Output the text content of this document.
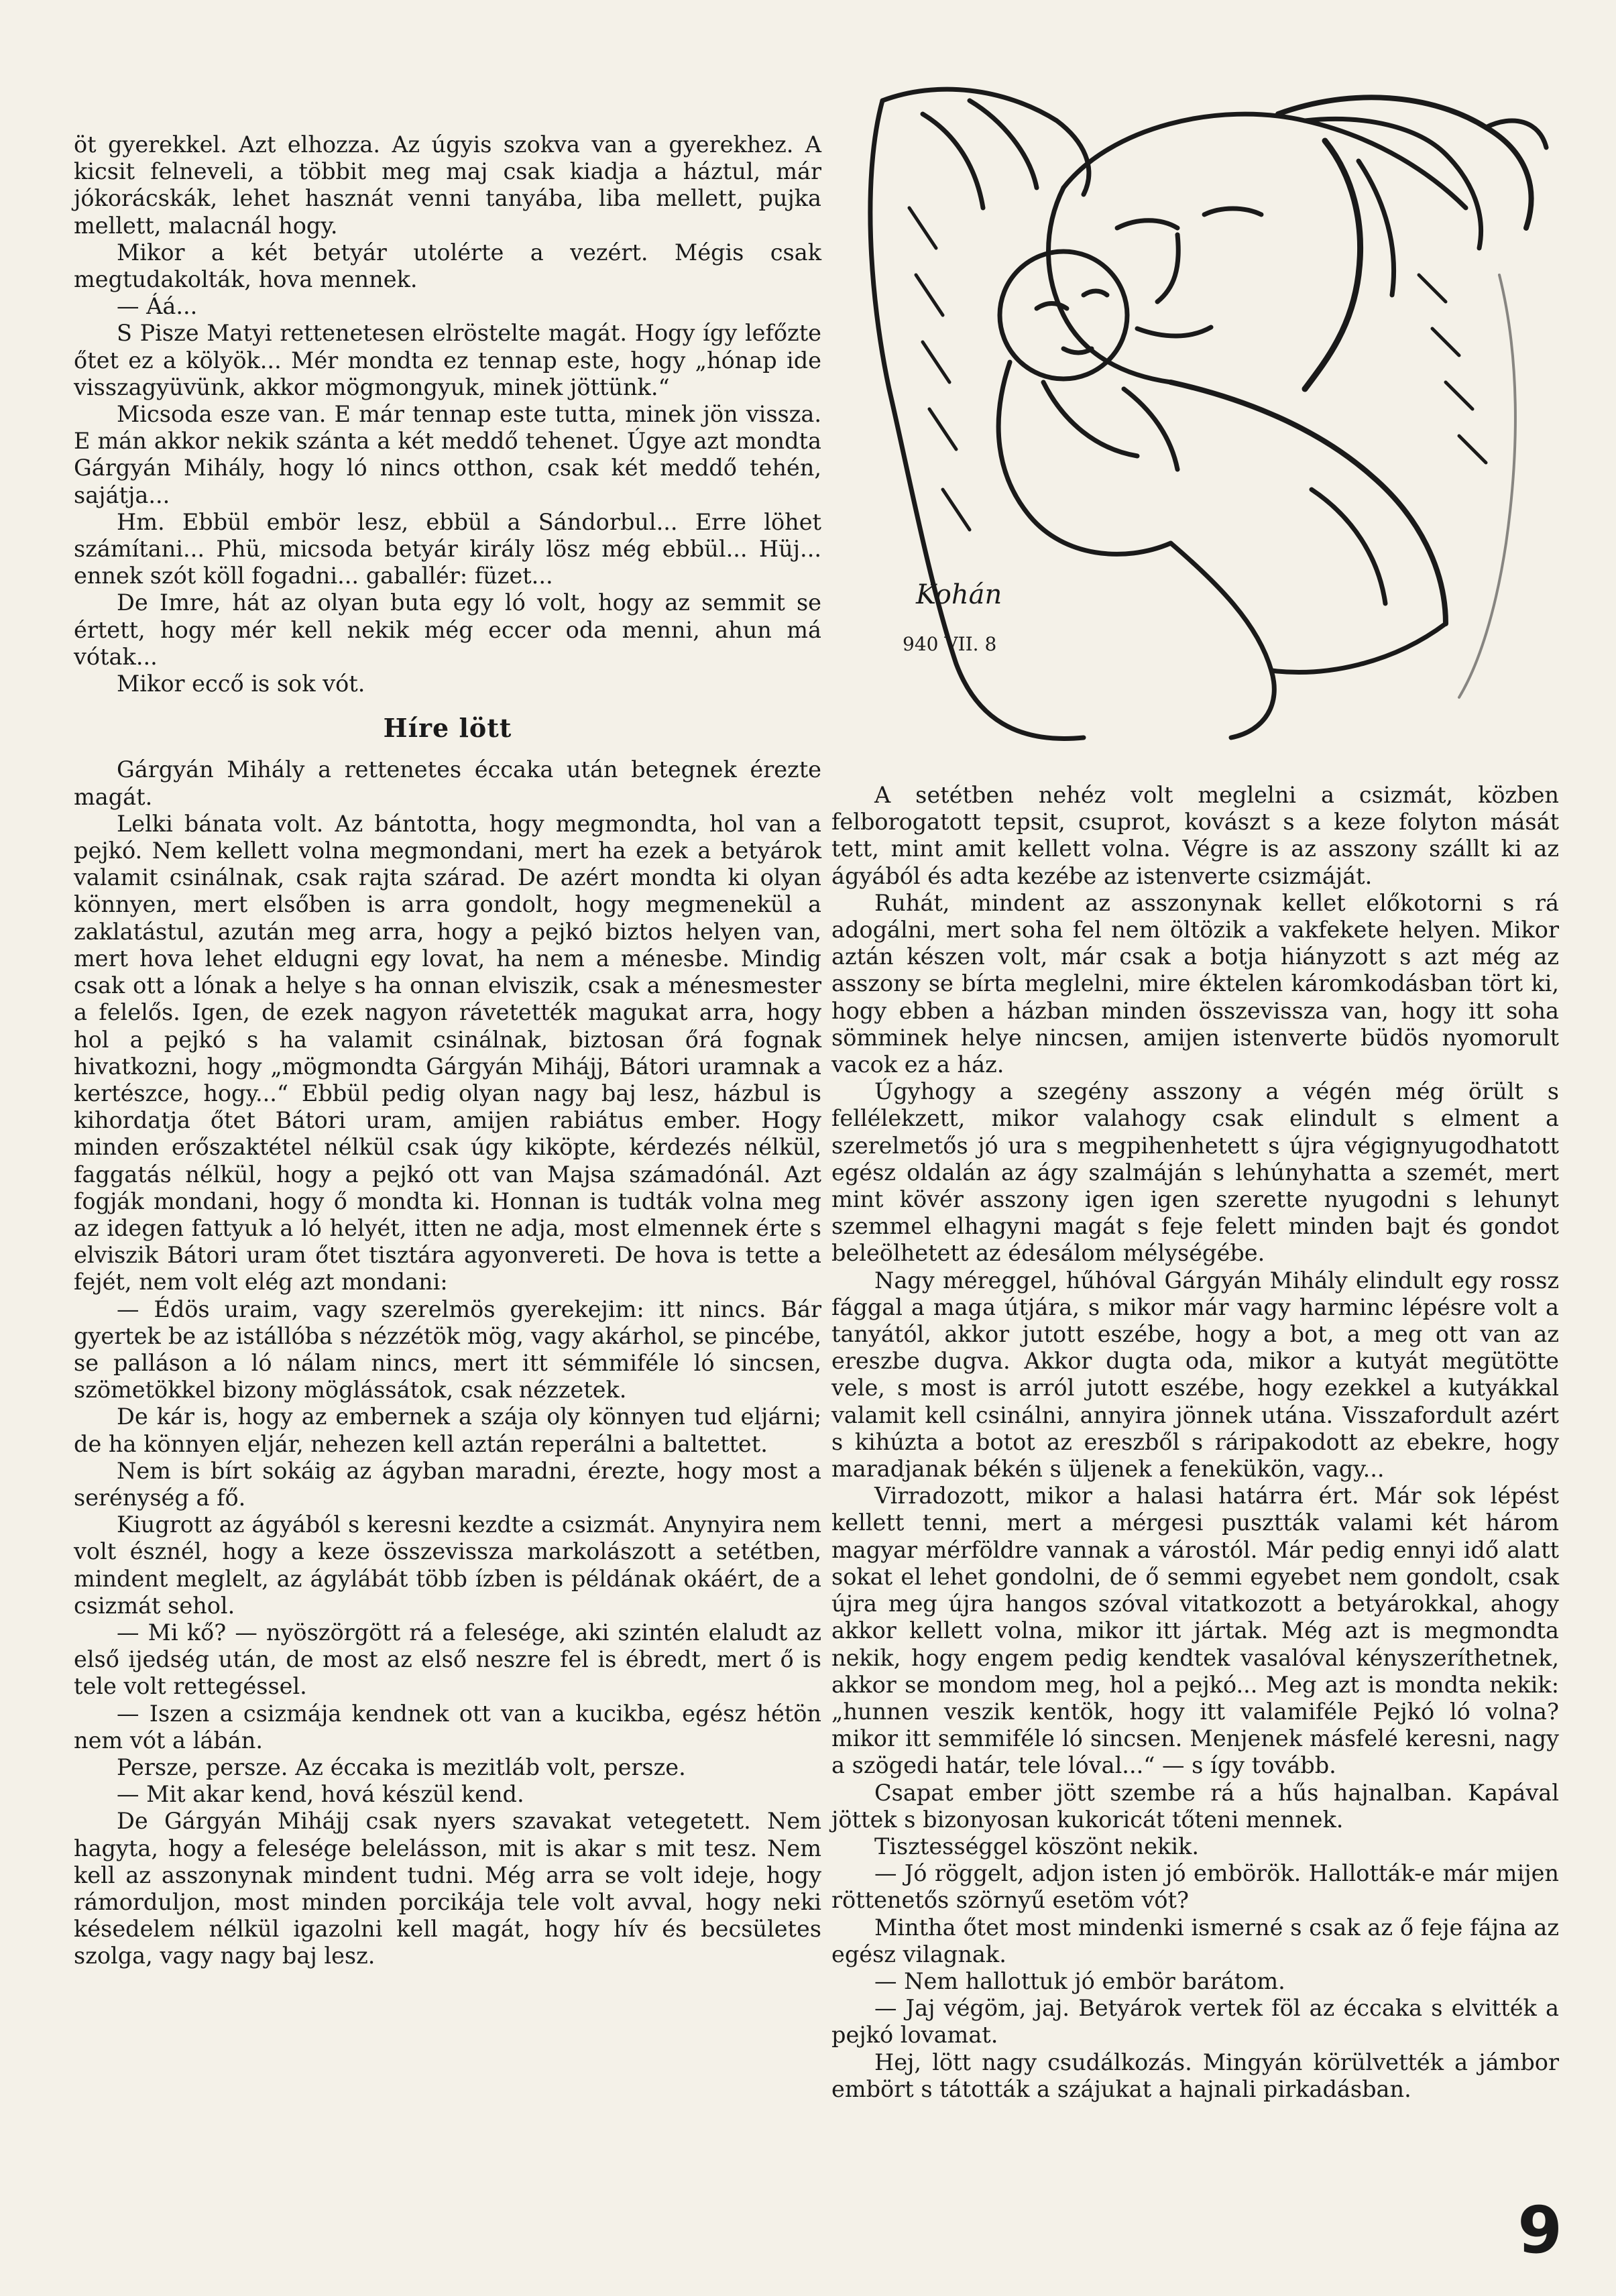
öt gyerekkel. Azt elhozza. Az úgyis szokva van a gyerekhez. A kicsit felneveli, a többit meg maj csak kiadja a háztul, már jókorácskák, lehet hasznát venni tanyába, liba mellett, pujka mellett, malacnál hogy.

Mikor a két betyár utolérte a vezért. Mégis csak megtudakolták, hova mennek.

— Áá...

S Pisze Matyi rettenetesen elröstelte magát. Hogy így lefőzte őtet ez a kölyök... Mér mondta ez tennap este, hogy „hónap ide visszagyüvünk, akkor mögmongyuk, minek jöttünk.“

Micsoda esze van. E már tennap este tutta, minek jön vissza. E mán akkor nekik szánta a két meddő tehenet. Úgye azt mondta Gárgyán Mihály, hogy ló nincs otthon, csak két meddő tehén, sajátja...

Hm. Ebbül embör lesz, ebbül a Sándorbul... Erre löhet számítani... Phü, micsoda betyár király lösz még ebbül... Hüj... ennek szót köll fogadni... gaballér: füzet...

De Imre, hát az olyan buta egy ló volt, hogy az semmit se értett, hogy mér kell nekik még eccer oda menni, ahun má vótak...

Mikor eccő is sok vót.

Híre lött

Gárgyán Mihály a rettenetes éccaka után betegnek érezte magát.

Lelki bánata volt. Az bántotta, hogy megmondta, hol van a pejkó. Nem kellett volna megmondani, mert ha ezek a betyárok valamit csinálnak, csak rajta szárad. De azért mondta ki olyan könnyen, mert elsőben is arra gondolt, hogy megmenekül a zaklatástul, azután meg arra, hogy a pejkó biztos helyen van, mert hova lehet eldugni egy lovat, ha nem a ménesbe. Mindig csak ott a lónak a helye s ha onnan elviszik, csak a ménesmester a felelős. Igen, de ezek nagyon rávetették magukat arra, hogy hol a pejkó s ha valamit csinálnak, biztosan őrá fognak hivatkozni, hogy „mögmondta Gárgyán Mihájj, Bátori uramnak a kertészce, hogy...“ Ebbül pedig olyan nagy baj lesz, házbul is kihordatja őtet Bátori uram, amijen rabiátus ember. Hogy minden erőszaktétel nélkül csak úgy kiköpte, kérdezés nélkül, faggatás nélkül, hogy a pejkó ott van Majsa számadónál. Azt fogják mondani, hogy ő mondta ki. Honnan is tudták volna meg az idegen fattyuk a ló helyét, itten ne adja, most elmennek érte s elviszik Bátori uram őtet tisztára agyonvereti. De hova is tette a fejét, nem volt elég azt mondani:

— Édös uraim, vagy szerelmös gyerekejim: itt nincs. Bár gyertek be az istállóba s nézzétök mög, vagy akárhol, se pincébe, se palláson a ló nálam nincs, mert itt sémmiféle ló sincsen, szömetökkel bizony möglássátok, csak nézzetek.

De kár is, hogy az embernek a szája oly könnyen tud eljárni; de ha könnyen eljár, nehezen kell aztán reperálni a baltettet.

Nem is bírt sokáig az ágyban maradni, érezte, hogy most a serénység a fő.

Kiugrott az ágyából s keresni kezdte a csizmát. Anynyira nem volt észnél, hogy a keze összevissza markolászott a setétben, mindent meglelt, az ágylábát több ízben is példának okáért, de a csizmát sehol.

— Mi kő? — nyöszörgött rá a felesége, aki szintén elaludt az első ijedség után, de most az első neszre fel is ébredt, mert ő is tele volt rettegéssel.

— Iszen a csizmája kendnek ott van a kucikba, egész hétön nem vót a lábán.

Persze, persze. Az éccaka is mezitláb volt, persze.

— Mit akar kend, hová készül kend.

De Gárgyán Mihájj csak nyers szavakat vetegetett. Nem hagyta, hogy a felesége belelásson, mit is akar s mit tesz. Nem kell az asszonynak mindent tudni. Még arra se volt ideje, hogy rámorduljon, most minden porcikája tele volt avval, hogy neki késedelem nélkül igazolni kell magát, hogy hív és becsületes szolga, vagy nagy baj lesz.

Kohán
940 VII. 8

A setétben nehéz volt meglelni a csizmát, közben felborogatott tepsit, csuprot, kovászt s a keze folyton mását tett, mint amit kellett volna. Végre is az asszony szállt ki az ágyából és adta kezébe az istenverte csizmáját.

Ruhát, mindent az asszonynak kellet előkotorni s rá adogálni, mert soha fel nem öltözik a vakfekete helyen. Mikor aztán készen volt, már csak a botja hiányzott s azt még az asszony se bírta meglelni, mire éktelen káromkodásban tört ki, hogy ebben a házban minden összevissza van, hogy itt soha sömminek helye nincsen, amijen istenverte büdös nyomorult vacok ez a ház.

Úgyhogy a szegény asszony a végén még örült s fellélekzett, mikor valahogy csak elindult s elment a szerelmetős jó ura s megpihenhetett s újra végignyugodhatott egész oldalán az ágy szalmáján s lehúnyhatta a szemét, mert mint kövér asszony igen igen szerette nyugodni s lehunyt szemmel elhagyni magát s feje felett minden bajt és gondot beleölhetett az édesálom mélységébe.

Nagy méreggel, hűhóval Gárgyán Mihály elindult egy rossz fággal a maga útjára, s mikor már vagy harminc lépésre volt a tanyától, akkor jutott eszébe, hogy a bot, a meg ott van az ereszbe dugva. Akkor dugta oda, mikor a kutyát megütötte vele, s most is arról jutott eszébe, hogy ezekkel a kutyákkal valamit kell csinálni, annyira jönnek utána. Visszafordult azért s kihúzta a botot az ereszből s ráripakodott az ebekre, hogy maradjanak békén s üljenek a fenekükön, vagy...

Virradozott, mikor a halasi határra ért. Már sok lépést kellett tenni, mert a mérgesi pusztták valami két három magyar mérföldre vannak a várostól. Már pedig ennyi idő alatt sokat el lehet gondolni, de ő semmi egyebet nem gondolt, csak újra meg újra hangos szóval vitatkozott a betyárokkal, ahogy akkor kellett volna, mikor itt jártak. Még azt is megmondta nekik, hogy engem pedig kendtek vasalóval kényszeríthetnek, akkor se mondom meg, hol a pejkó... Meg azt is mondta nekik: „hunnen veszik kentök, hogy itt valamiféle Pejkó ló volna? mikor itt semmiféle ló sincsen. Menjenek másfelé keresni, nagy a szögedi határ, tele lóval...“ — s így tovább.

Csapat ember jött szembe rá a hűs hajnalban. Kapával jöttek s bizonyosan kukoricát tőteni mennek.

Tisztességgel köszönt nekik.

— Jó röggelt, adjon isten jó embörök. Hallották-e már mijen röttenetős szörnyű esetöm vót?

Mintha őtet most mindenki ismerné s csak az ő feje fájna az egész vilagnak.

— Nem hallottuk jó embör barátom.

— Jaj végöm, jaj. Betyárok vertek föl az éccaka s elvitték a pejkó lovamat.

Hej, lött nagy csudálkozás. Mingyán körülvették a jámbor embört s tátották a szájukat a hajnali pirkadásban.

9
